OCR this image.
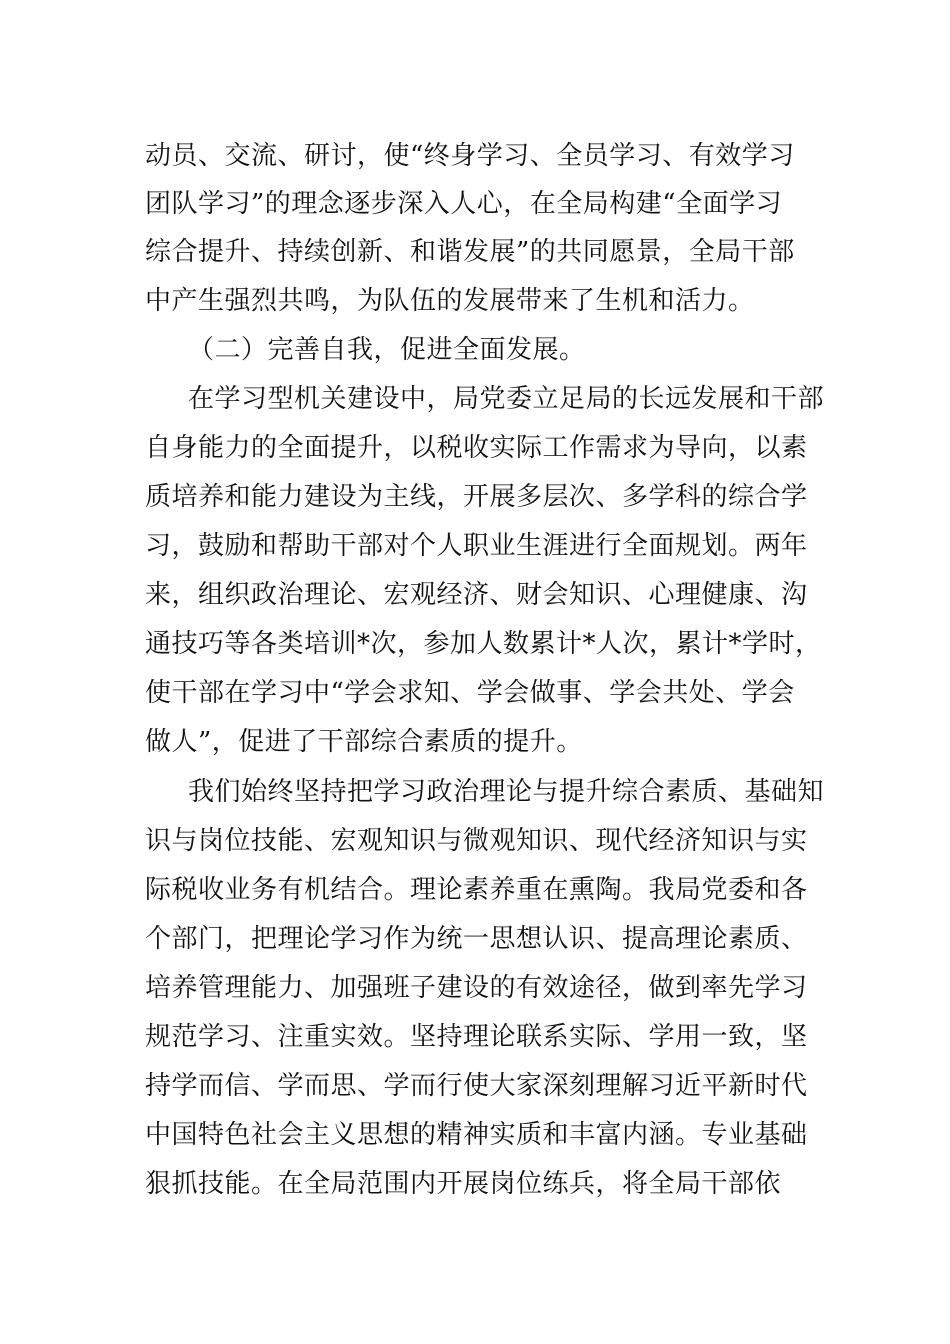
动员、交流、研讨，使“终身学习、全员学习、有效学习
团队学习”的理念逐步深入人心，在全局构建“全面学习
综合提升、持续创新、和谐发展”的共同愿景，全局干部
中产生强烈共鸣，为队伍的发展带来了生机和活力。
（二）完善自我，促进全面发展。
在学习型机关建设中，局党委立足局的长远发展和干部
自身能力的全面提升，以税收实际工作需求为导向，以素
质培养和能力建设为主线，开展多层次、多学科的综合学
习，鼓励和帮助干部对个人职业生涯进行全面规划。两年
来，组织政治理论、宏观经济、财会知识、心理健康、沟
通技巧等各类培训*次，参加人数累计*人次，累计*学时，
使干部在学习中“学会求知、学会做事、学会共处、学会
做人”，促进了干部综合素质的提升。
我们始终坚持把学习政治理论与提升综合素质、基础知
识与岗位技能、宏观知识与微观知识、现代经济知识与实
际税收业务有机结合。理论素养重在熏陶。我局党委和各
个部门，把理论学习作为统一思想认识、提高理论素质、
培养管理能力、加强班子建设的有效途径，做到率先学习
规范学习、注重实效。坚持理论联系实际、学用一致，坚
持学而信、学而思、学而行使大家深刻理解习近平新时代
中国特色社会主义思想的精神实质和丰富内涵。专业基础
狠抓技能。在全局范围内开展岗位练兵，将全局干部依
